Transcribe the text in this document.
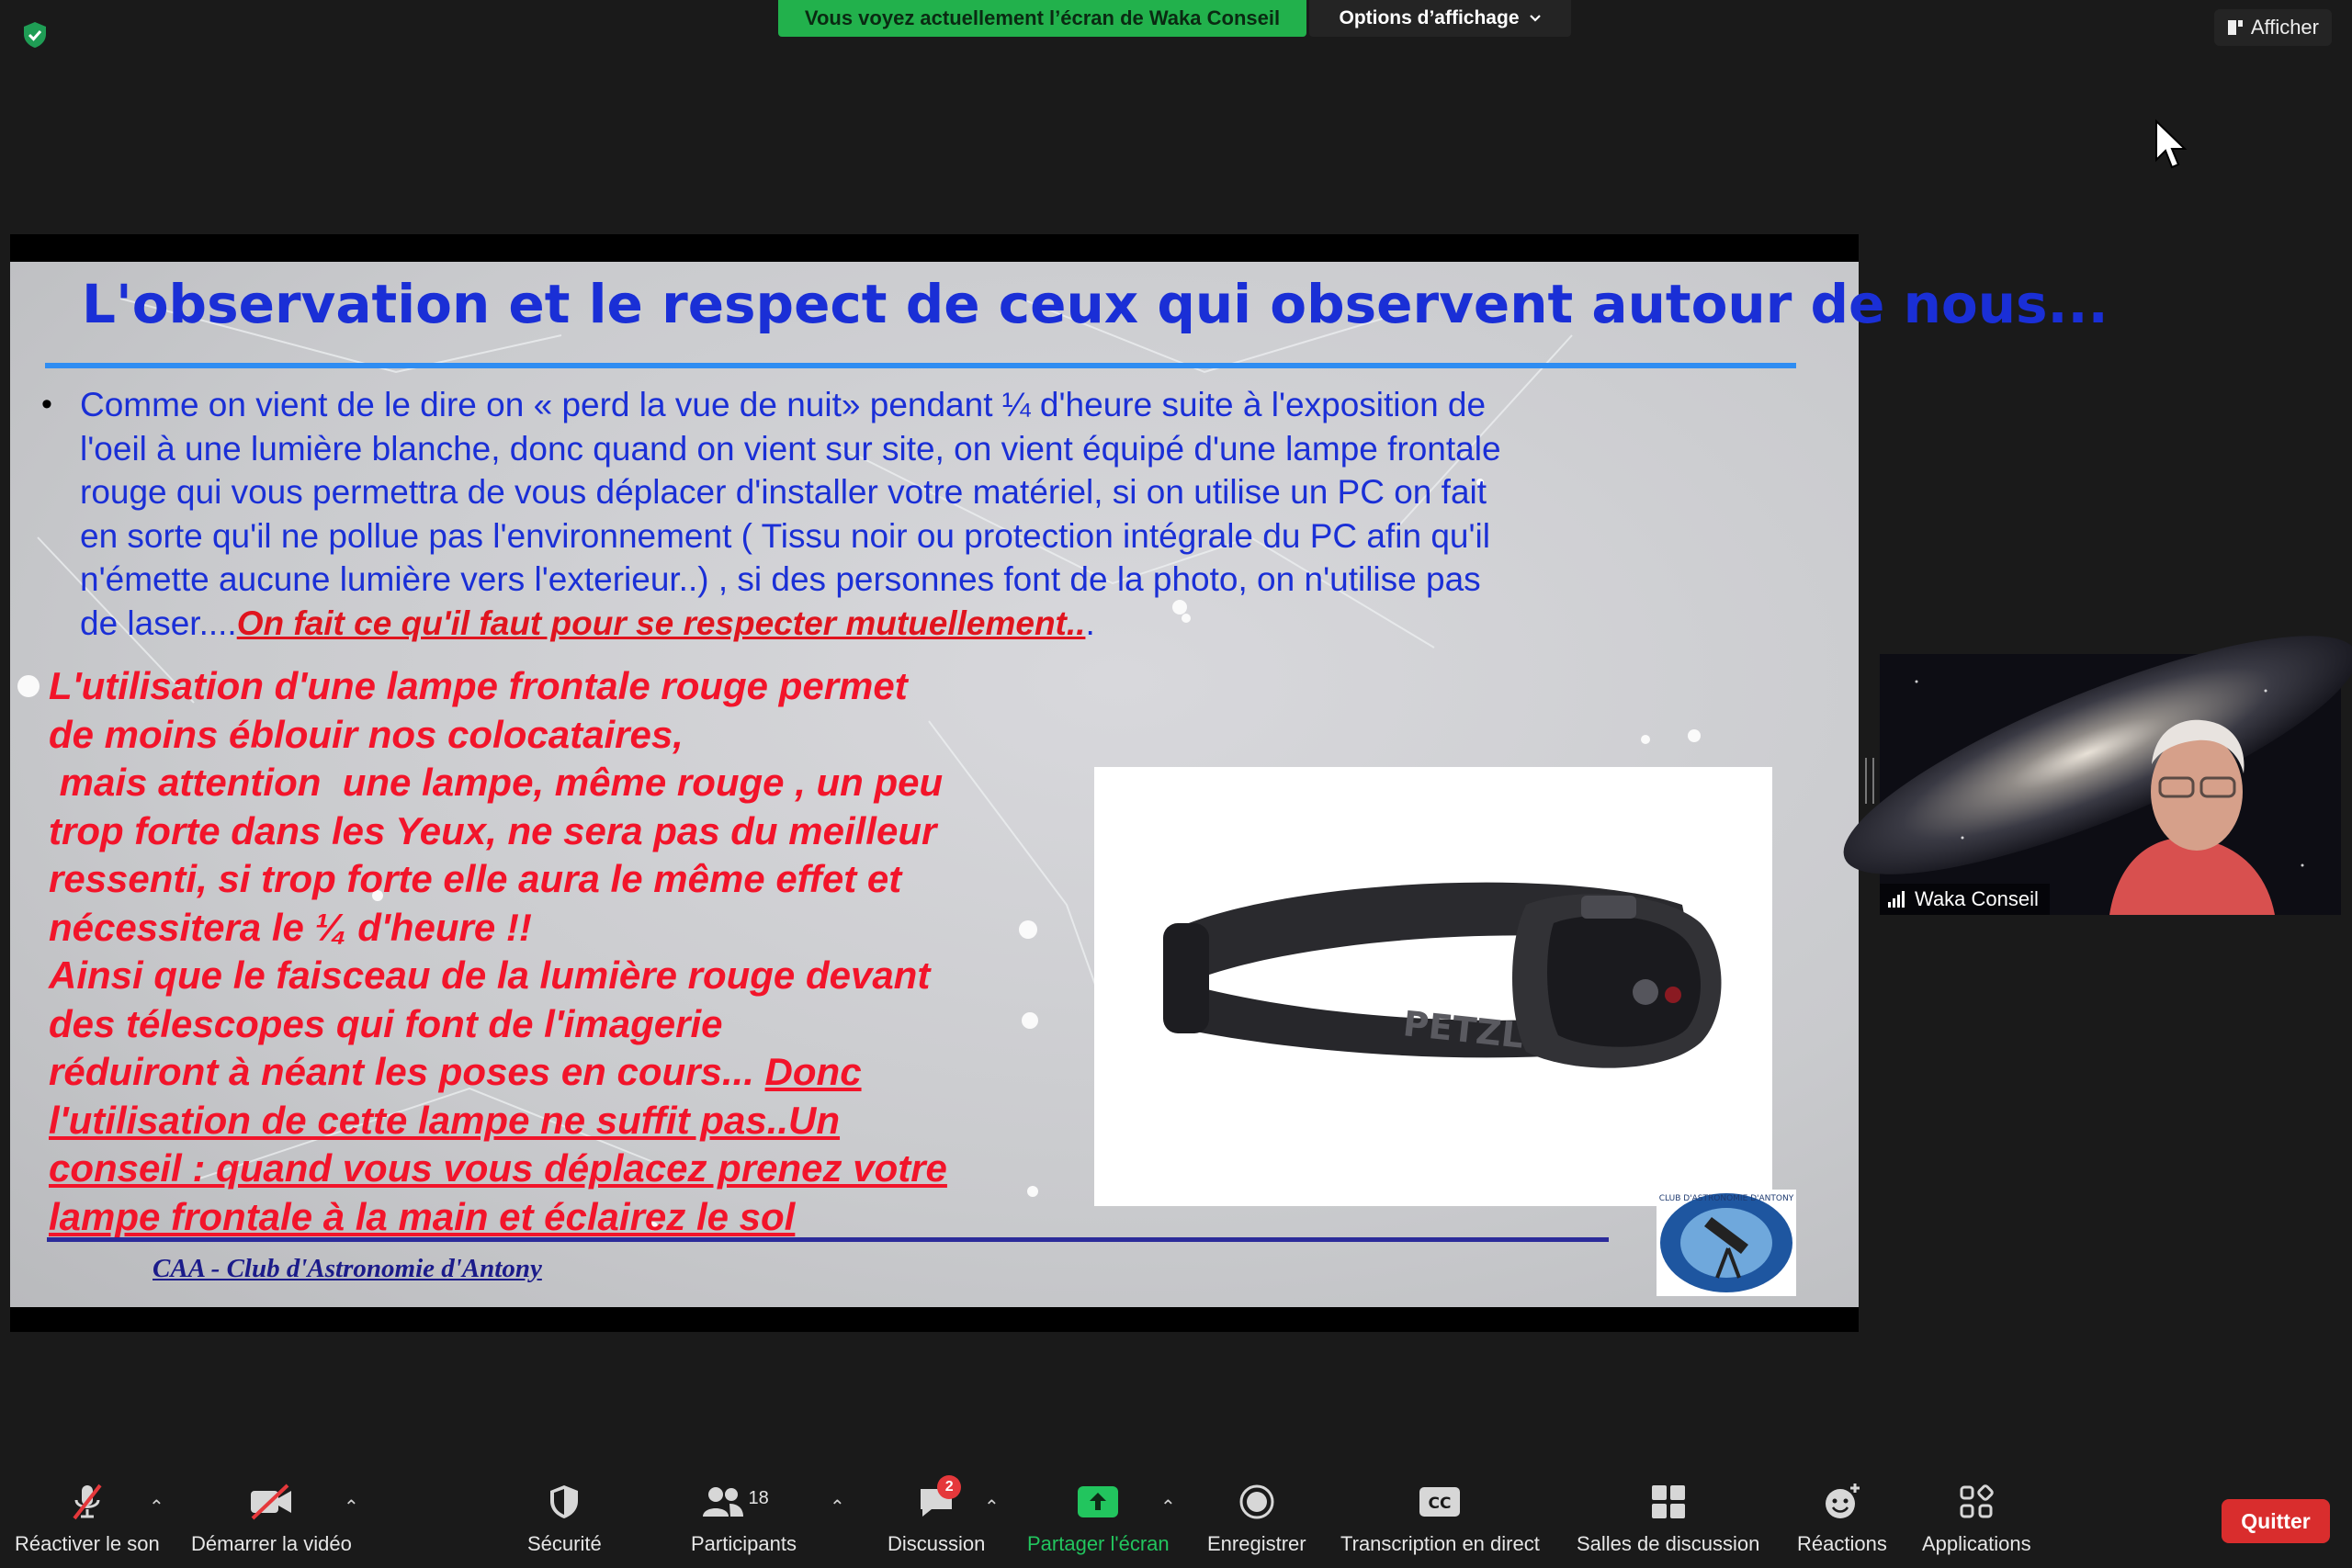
Vous voyez actuellement l’écran de Waka Conseil	Options d’affichage	Afficher
L'observation et le respect de ceux qui observent autour de nous...
• Comme on vient de le dire on « perd la vue de nuit» pendant ¼ d'heure suite à l'exposition de
l'oeil à une lumière blanche, donc quand on vient sur site, on vient équipé d'une lampe frontale
rouge qui vous permettra de vous déplacer d'installer votre matériel, si on utilise un PC on fait
en sorte qu'il ne pollue pas l'environnement ( Tissu noir ou protection intégrale du PC afin qu'il
n'émette aucune lumière vers l'exterieur..) , si des personnes font de la photo, on n'utilise pas
de laser....On fait ce qu'il faut pour se respecter mutuellement...
L'utilisation d'une lampe frontale rouge permet
de moins éblouir nos colocataires,
mais attention  une lampe, même rouge , un peu
trop forte dans les Yeux, ne sera pas du meilleur
ressenti, si trop forte elle aura le même effet et
nécessitera le ¼ d'heure !!
Ainsi que le faisceau de la lumière rouge devant
des télescopes qui font de l'imagerie
réduiront à néant les poses en cours... Donc
l'utilisation de cette lampe ne suffit pas..Un
conseil : quand vous vous déplacez prenez votre
lampe frontale à la main et éclairez le sol
PETZL
CAA - Club d'Astronomie d'Antony
CLUB D'ASTRONOMIE D'ANTONY
Waka Conseil
Réactiver le son
⌃
Démarrer la vidéo
⌃
Sécurité
18
Participants
⌃
2
Discussion
⌃
Partager l'écran
⌃
Enregistrer
CC
Transcription en direct Salles de discussion Réactions Applications
Quitter
